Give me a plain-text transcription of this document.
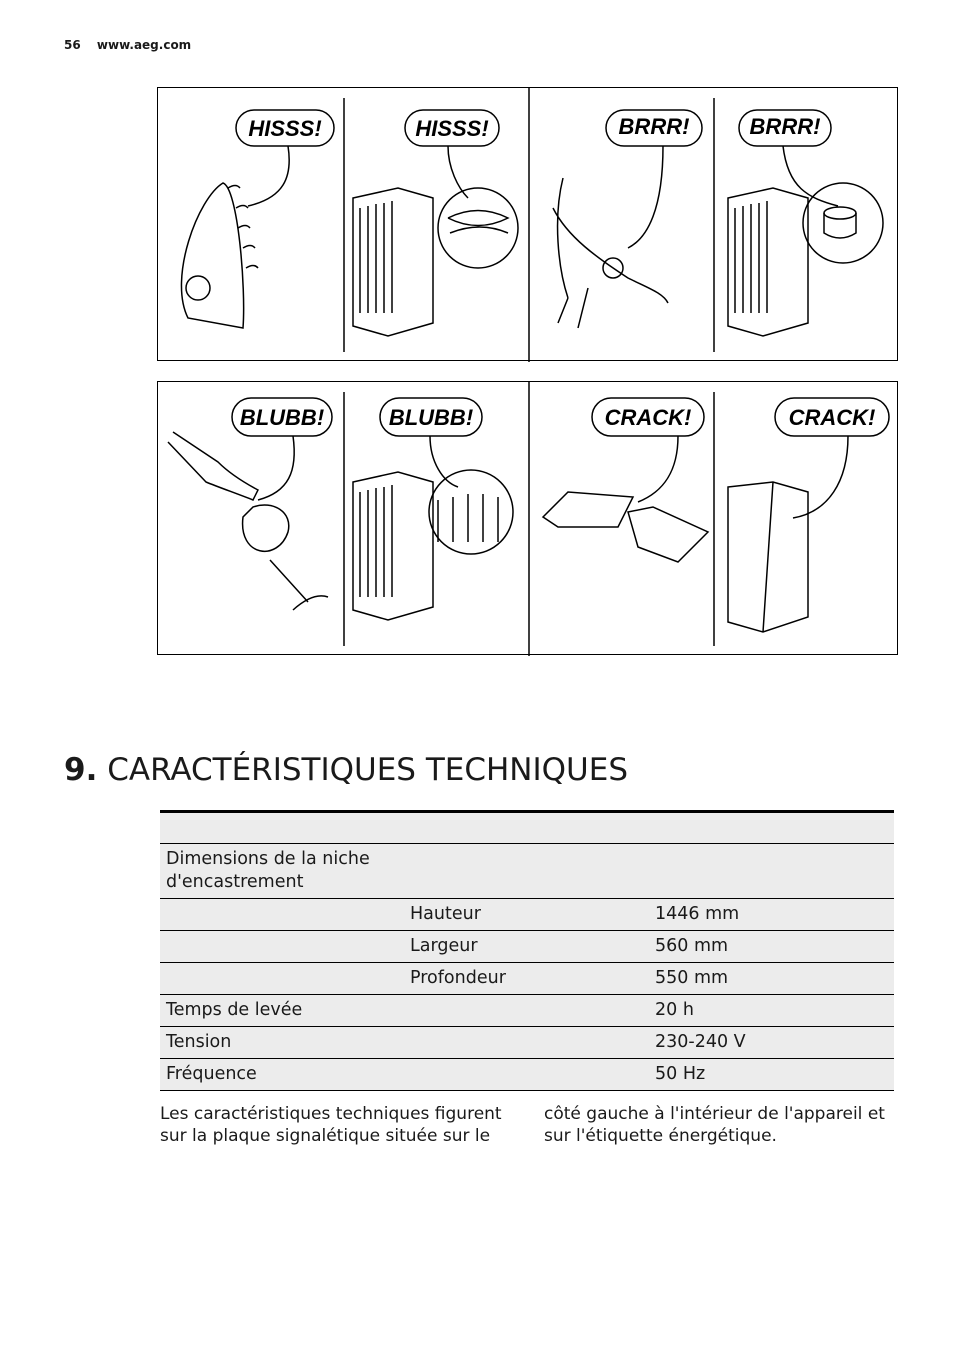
56 www.aeg.com
HISSS!	HISSS!	BRRR!	BRRR!
BLUBB!	BLUBB!	CRACK!	CRACK!
9. CARACTÉRISTIQUES TECHNIQUES

Dimensions de la niche d'encastrement		
	Hauteur	1446 mm
	Largeur	560 mm
	Profondeur	550 mm
Temps de levée		20 h
Tension		230-240 V
Fréquence		50 Hz
Les caractéristiques techniques figurent sur la plaque signalétique située sur le
côté gauche à l'intérieur de l'appareil et sur l'étiquette énergétique.
